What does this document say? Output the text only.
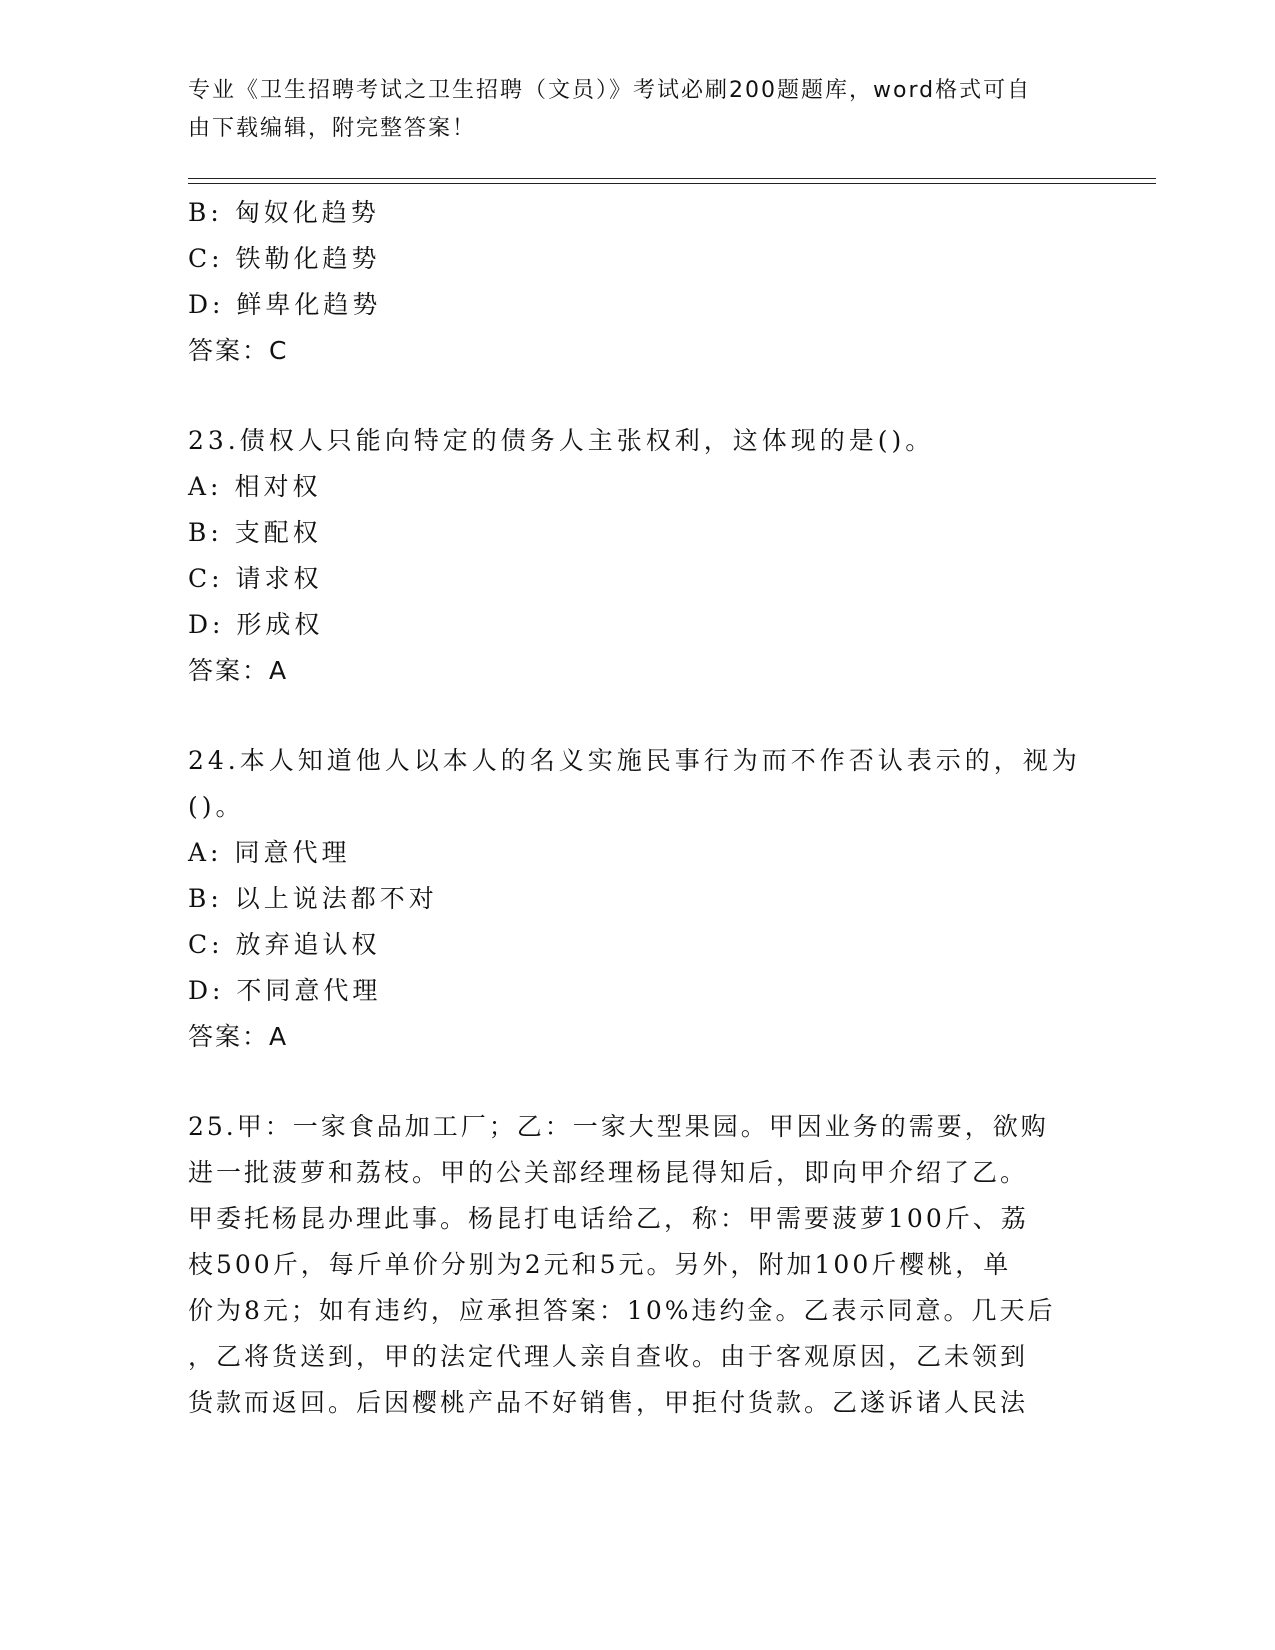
专业《卫生招聘考试之卫生招聘（文员）》考试必刷200题题库，word格式可自
由下载编辑，附完整答案！
B: 匈奴化趋势
C: 铁勒化趋势
D: 鲜卑化趋势
答案：C
23.债权人只能向特定的债务人主张权利，这体现的是()。
A: 相对权
B: 支配权
C: 请求权
D: 形成权
答案：A
24.本人知道他人以本人的名义实施民事行为而不作否认表示的，视为
()。
A: 同意代理
B: 以上说法都不对
C: 放弃追认权
D: 不同意代理
答案：A
25.甲：一家食品加工厂；乙：一家大型果园。甲因业务的需要，欲购
进一批菠萝和荔枝。甲的公关部经理杨昆得知后，即向甲介绍了乙。
甲委托杨昆办理此事。杨昆打电话给乙，称：甲需要菠萝100斤、荔
枝500斤，每斤单价分别为2元和5元。另外，附加100斤樱桃，单
价为8元；如有违约，应承担答案：10%违约金。乙表示同意。几天后
，乙将货送到，甲的法定代理人亲自查收。由于客观原因，乙未领到
货款而返回。后因樱桃产品不好销售，甲拒付货款。乙遂诉诸人民法
